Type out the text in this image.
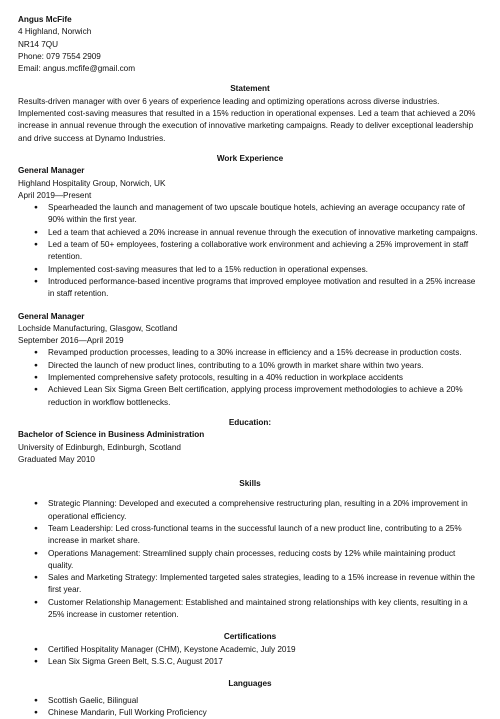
Angus McFife
4 Highland, Norwich
NR14 7QU
Phone: 079 7554 2909
Email: angus.mcfife@gmail.com
Statement

Results-driven manager with over 6 years of experience leading and optimizing operations across diverse industries. Implemented cost-saving measures that resulted in a 15% reduction in operational expenses. Led a team that achieved a 20% increase in annual revenue through the execution of innovative marketing campaigns. Ready to deliver exceptional leadership and drive success at Dynamo Industries.

Work Experience
General Manager
Highland Hospitality Group, Norwich, UK
April 2019—Present
● Spearheaded the launch and management of two upscale boutique hotels, achieving an average occupancy rate of 90% within the first year.
● Led a team that achieved a 20% increase in annual revenue through the execution of innovative marketing campaigns.
● Led a team of 50+ employees, fostering a collaborative work environment and achieving a 25% improvement in staff retention.
● Implemented cost-saving measures that led to a 15% reduction in operational expenses.
● Introduced performance-based incentive programs that improved employee motivation and resulted in a 25% increase in staff retention.
General Manager
Lochside Manufacturing, Glasgow, Scotland
September 2016—April 2019
● Revamped production processes, leading to a 30% increase in efficiency and a 15% decrease in production costs.
● Directed the launch of new product lines, contributing to a 10% growth in market share within two years.
● Implemented comprehensive safety protocols, resulting in a 40% reduction in workplace accidents
● Achieved Lean Six Sigma Green Belt certification, applying process improvement methodologies to achieve a 20% reduction in workflow bottlenecks.
Education:
Bachelor of Science in Business Administration
University of Edinburgh, Edinburgh, Scotland
Graduated May 2010
Skills
● Strategic Planning: Developed and executed a comprehensive restructuring plan, resulting in a 20% improvement in operational efficiency.
● Team Leadership: Led cross-functional teams in the successful launch of a new product line, contributing to a 25% increase in market share.
● Operations Management: Streamlined supply chain processes, reducing costs by 12% while maintaining product quality.
● Sales and Marketing Strategy: Implemented targeted sales strategies, leading to a 15% increase in revenue within the first year.
● Customer Relationship Management: Established and maintained strong relationships with key clients, resulting in a 25% increase in customer retention.
Certifications
● Certified Hospitality Manager (CHM), Keystone Academic, July 2019
● Lean Six Sigma Green Belt, S.S.C, August 2017
Languages
● Scottish Gaelic, Bilingual
● Chinese Mandarin, Full Working Proficiency
